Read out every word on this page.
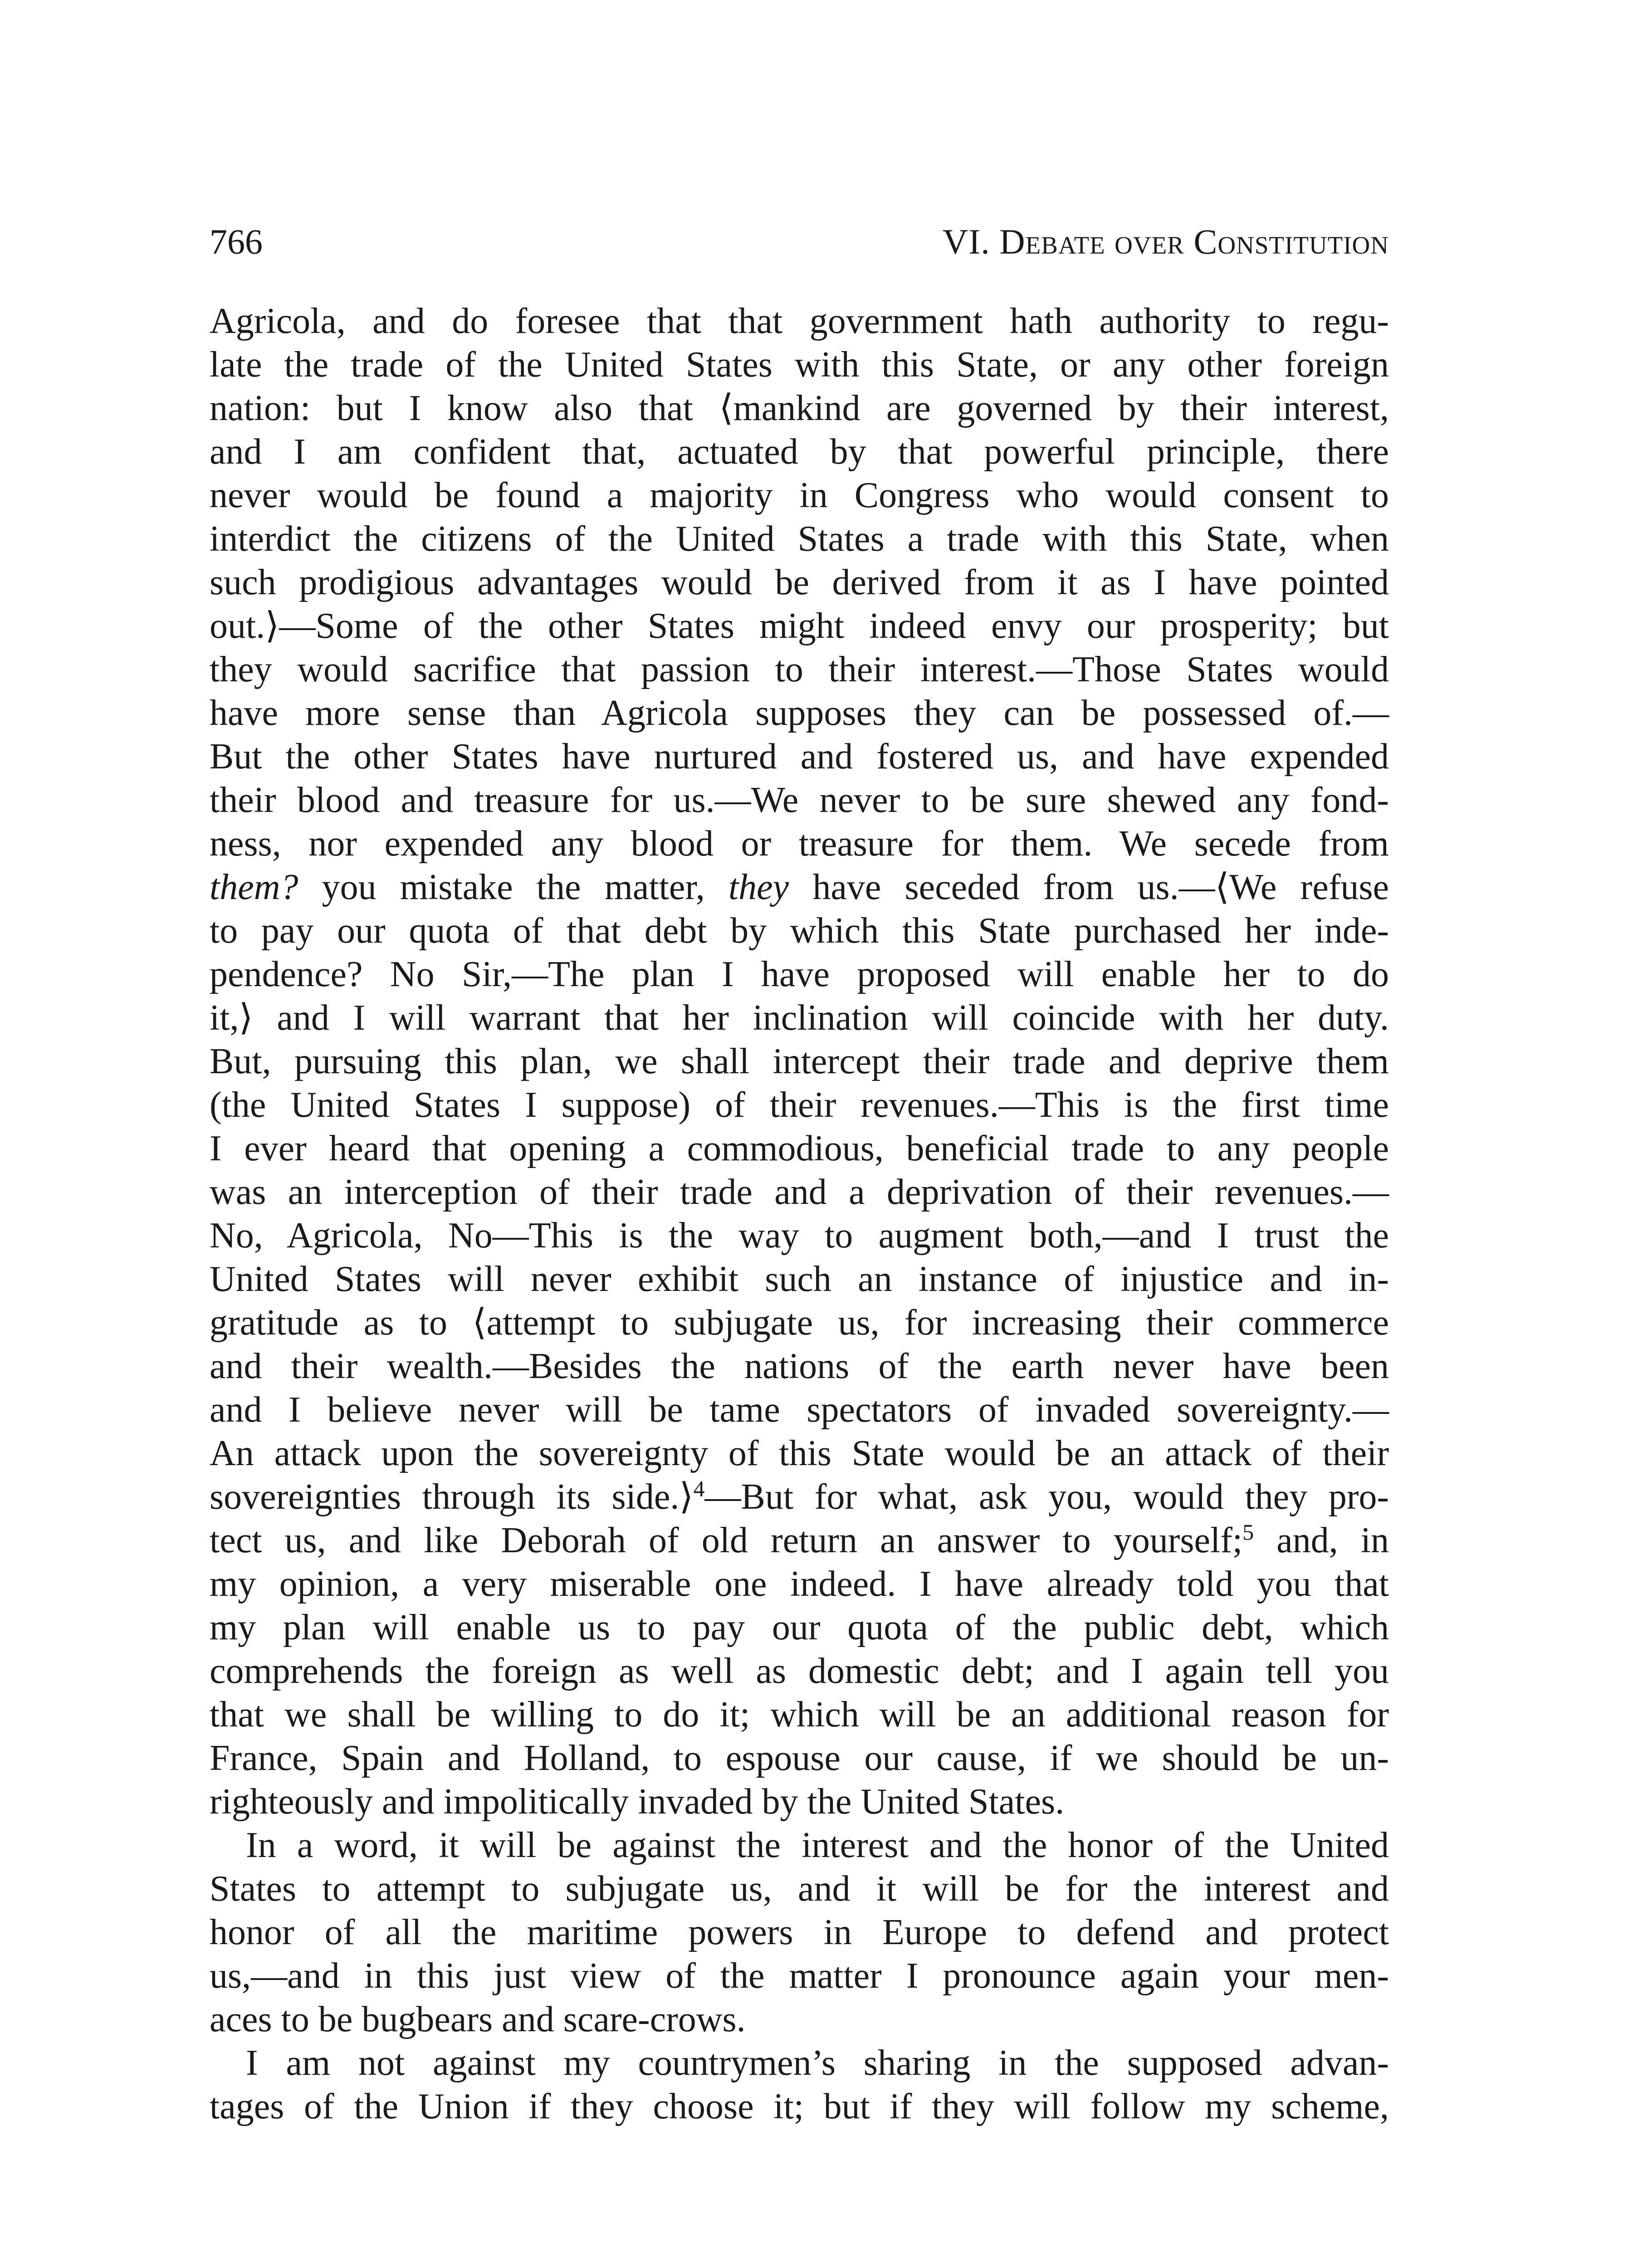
766	VI. Debate over Constitution
Agricola, and do foresee that that government hath authority to regu-
late the trade of the United States with this State, or any other foreign
nation: but I know also that ⟨mankind are governed by their interest,
and I am confident that, actuated by that powerful principle, there
never would be found a majority in Congress who would consent to
interdict the citizens of the United States a trade with this State, when
such prodigious advantages would be derived from it as I have pointed
out.⟩—Some of the other States might indeed envy our prosperity; but
they would sacrifice that passion to their interest.—Those States would
have more sense than Agricola supposes they can be possessed of.—
But the other States have nurtured and fostered us, and have expended
their blood and treasure for us.—We never to be sure shewed any fond-
ness, nor expended any blood or treasure for them. We secede from
them? you mistake the matter, they have seceded from us.—⟨We refuse
to pay our quota of that debt by which this State purchased her inde-
pendence? No Sir,—The plan I have proposed will enable her to do
it,⟩ and I will warrant that her inclination will coincide with her duty.
But, pursuing this plan, we shall intercept their trade and deprive them
(the United States I suppose) of their revenues.—This is the first time
I ever heard that opening a commodious, beneficial trade to any people
was an interception of their trade and a deprivation of their revenues.—
No, Agricola, No—This is the way to augment both,—and I trust the
United States will never exhibit such an instance of injustice and in-
gratitude as to ⟨attempt to subjugate us, for increasing their commerce
and their wealth.—Besides the nations of the earth never have been
and I believe never will be tame spectators of invaded sovereignty.—
An attack upon the sovereignty of this State would be an attack of their
sovereignties through its side.⟩$^4$—But for what, ask you, would they pro-
tect us, and like Deborah of old return an answer to yourself;$^5$ and, in
my opinion, a very miserable one indeed. I have already told you that
my plan will enable us to pay our quota of the public debt, which
comprehends the foreign as well as domestic debt; and I again tell you
that we shall be willing to do it; which will be an additional reason for
France, Spain and Holland, to espouse our cause, if we should be un-
righteously and impolitically invaded by the United States.
In a word, it will be against the interest and the honor of the United
States to attempt to subjugate us, and it will be for the interest and
honor of all the maritime powers in Europe to defend and protect
us,—and in this just view of the matter I pronounce again your men-
aces to be bugbears and scare-crows.
I am not against my countrymen’s sharing in the supposed advan-
tages of the Union if they choose it; but if they will follow my scheme,
